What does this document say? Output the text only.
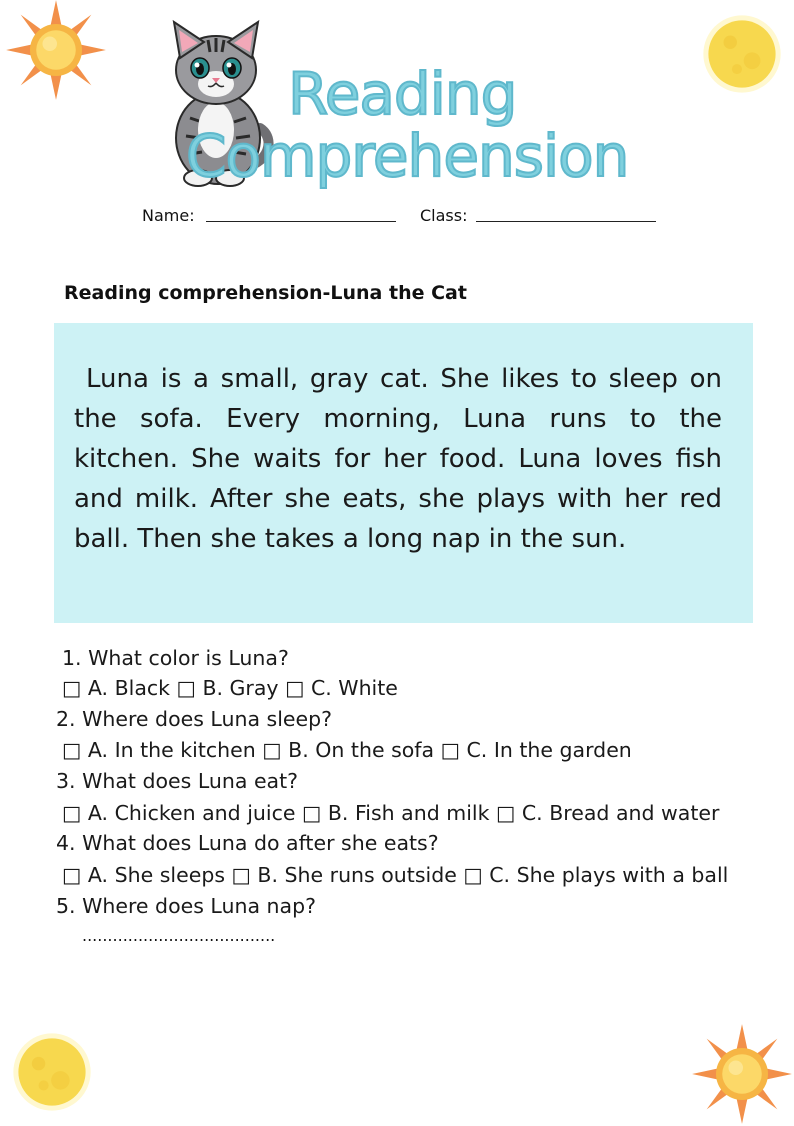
Reading
Comprehension
Name:	Class:
Reading comprehension-Luna the Cat
Luna is a small, gray cat. She likes to sleep on the sofa. Every morning, Luna runs to the kitchen. She waits for her food. Luna loves fish and milk. After she eats, she plays with her red ball. Then she takes a long nap in the sun.
1. What color is Luna?
□ A. Black □ B. Gray □ C. White
2. Where does Luna sleep?
□ A. In the kitchen □ B. On the sofa □ C. In the garden
3. What does Luna eat?
□ A. Chicken and juice □ B. Fish and milk □ C. Bread and water
4. What does Luna do after she eats?
□ A. She sleeps □ B. She runs outside □ C. She plays with a ball
5. Where does Luna nap?
......................................
